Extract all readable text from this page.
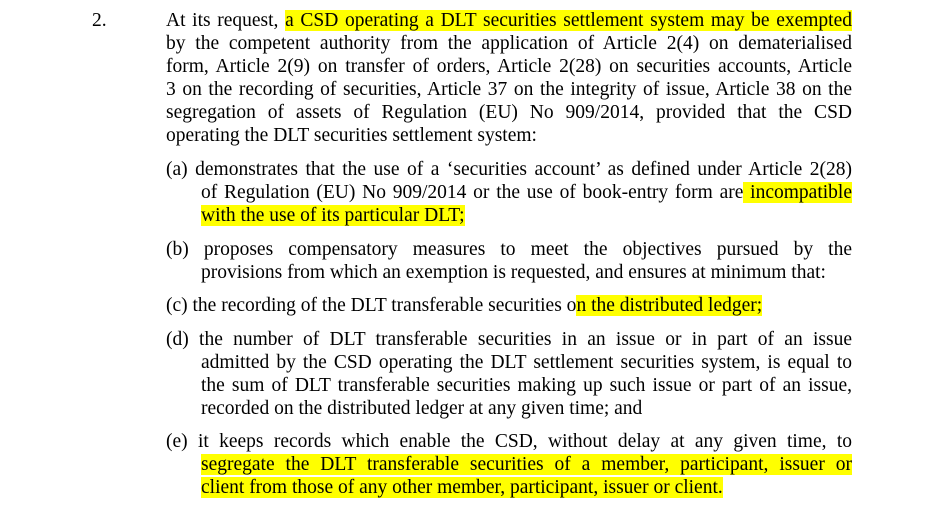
2.	At its request, a CSD operating a DLT securities settlement system may be exempted
by the competent authority from the application of Article 2(4) on dematerialised
form, Article 2(9) on transfer of orders, Article 2(28) on securities accounts, Article
3 on the recording of securities, Article 37 on the integrity of issue, Article 38 on the
segregation of assets of Regulation (EU) No 909/2014, provided that the CSD
operating the DLT securities settlement system:
(a) demonstrates that the use of a ‘securities account’ as defined under Article 2(28)
of Regulation (EU) No 909/2014 or the use of book-entry form are incompatible
with the use of its particular DLT;
(b) proposes compensatory measures to meet the objectives pursued by the
provisions from which an exemption is requested, and ensures at minimum that:
(c) the recording of the DLT transferable securities on the distributed ledger;
(d) the number of DLT transferable securities in an issue or in part of an issue
admitted by the CSD operating the DLT settlement securities system, is equal to
the sum of DLT transferable securities making up such issue or part of an issue,
recorded on the distributed ledger at any given time; and
(e) it keeps records which enable the CSD, without delay at any given time, to
segregate the DLT transferable securities of a member, participant, issuer or
client from those of any other member, participant, issuer or client.
